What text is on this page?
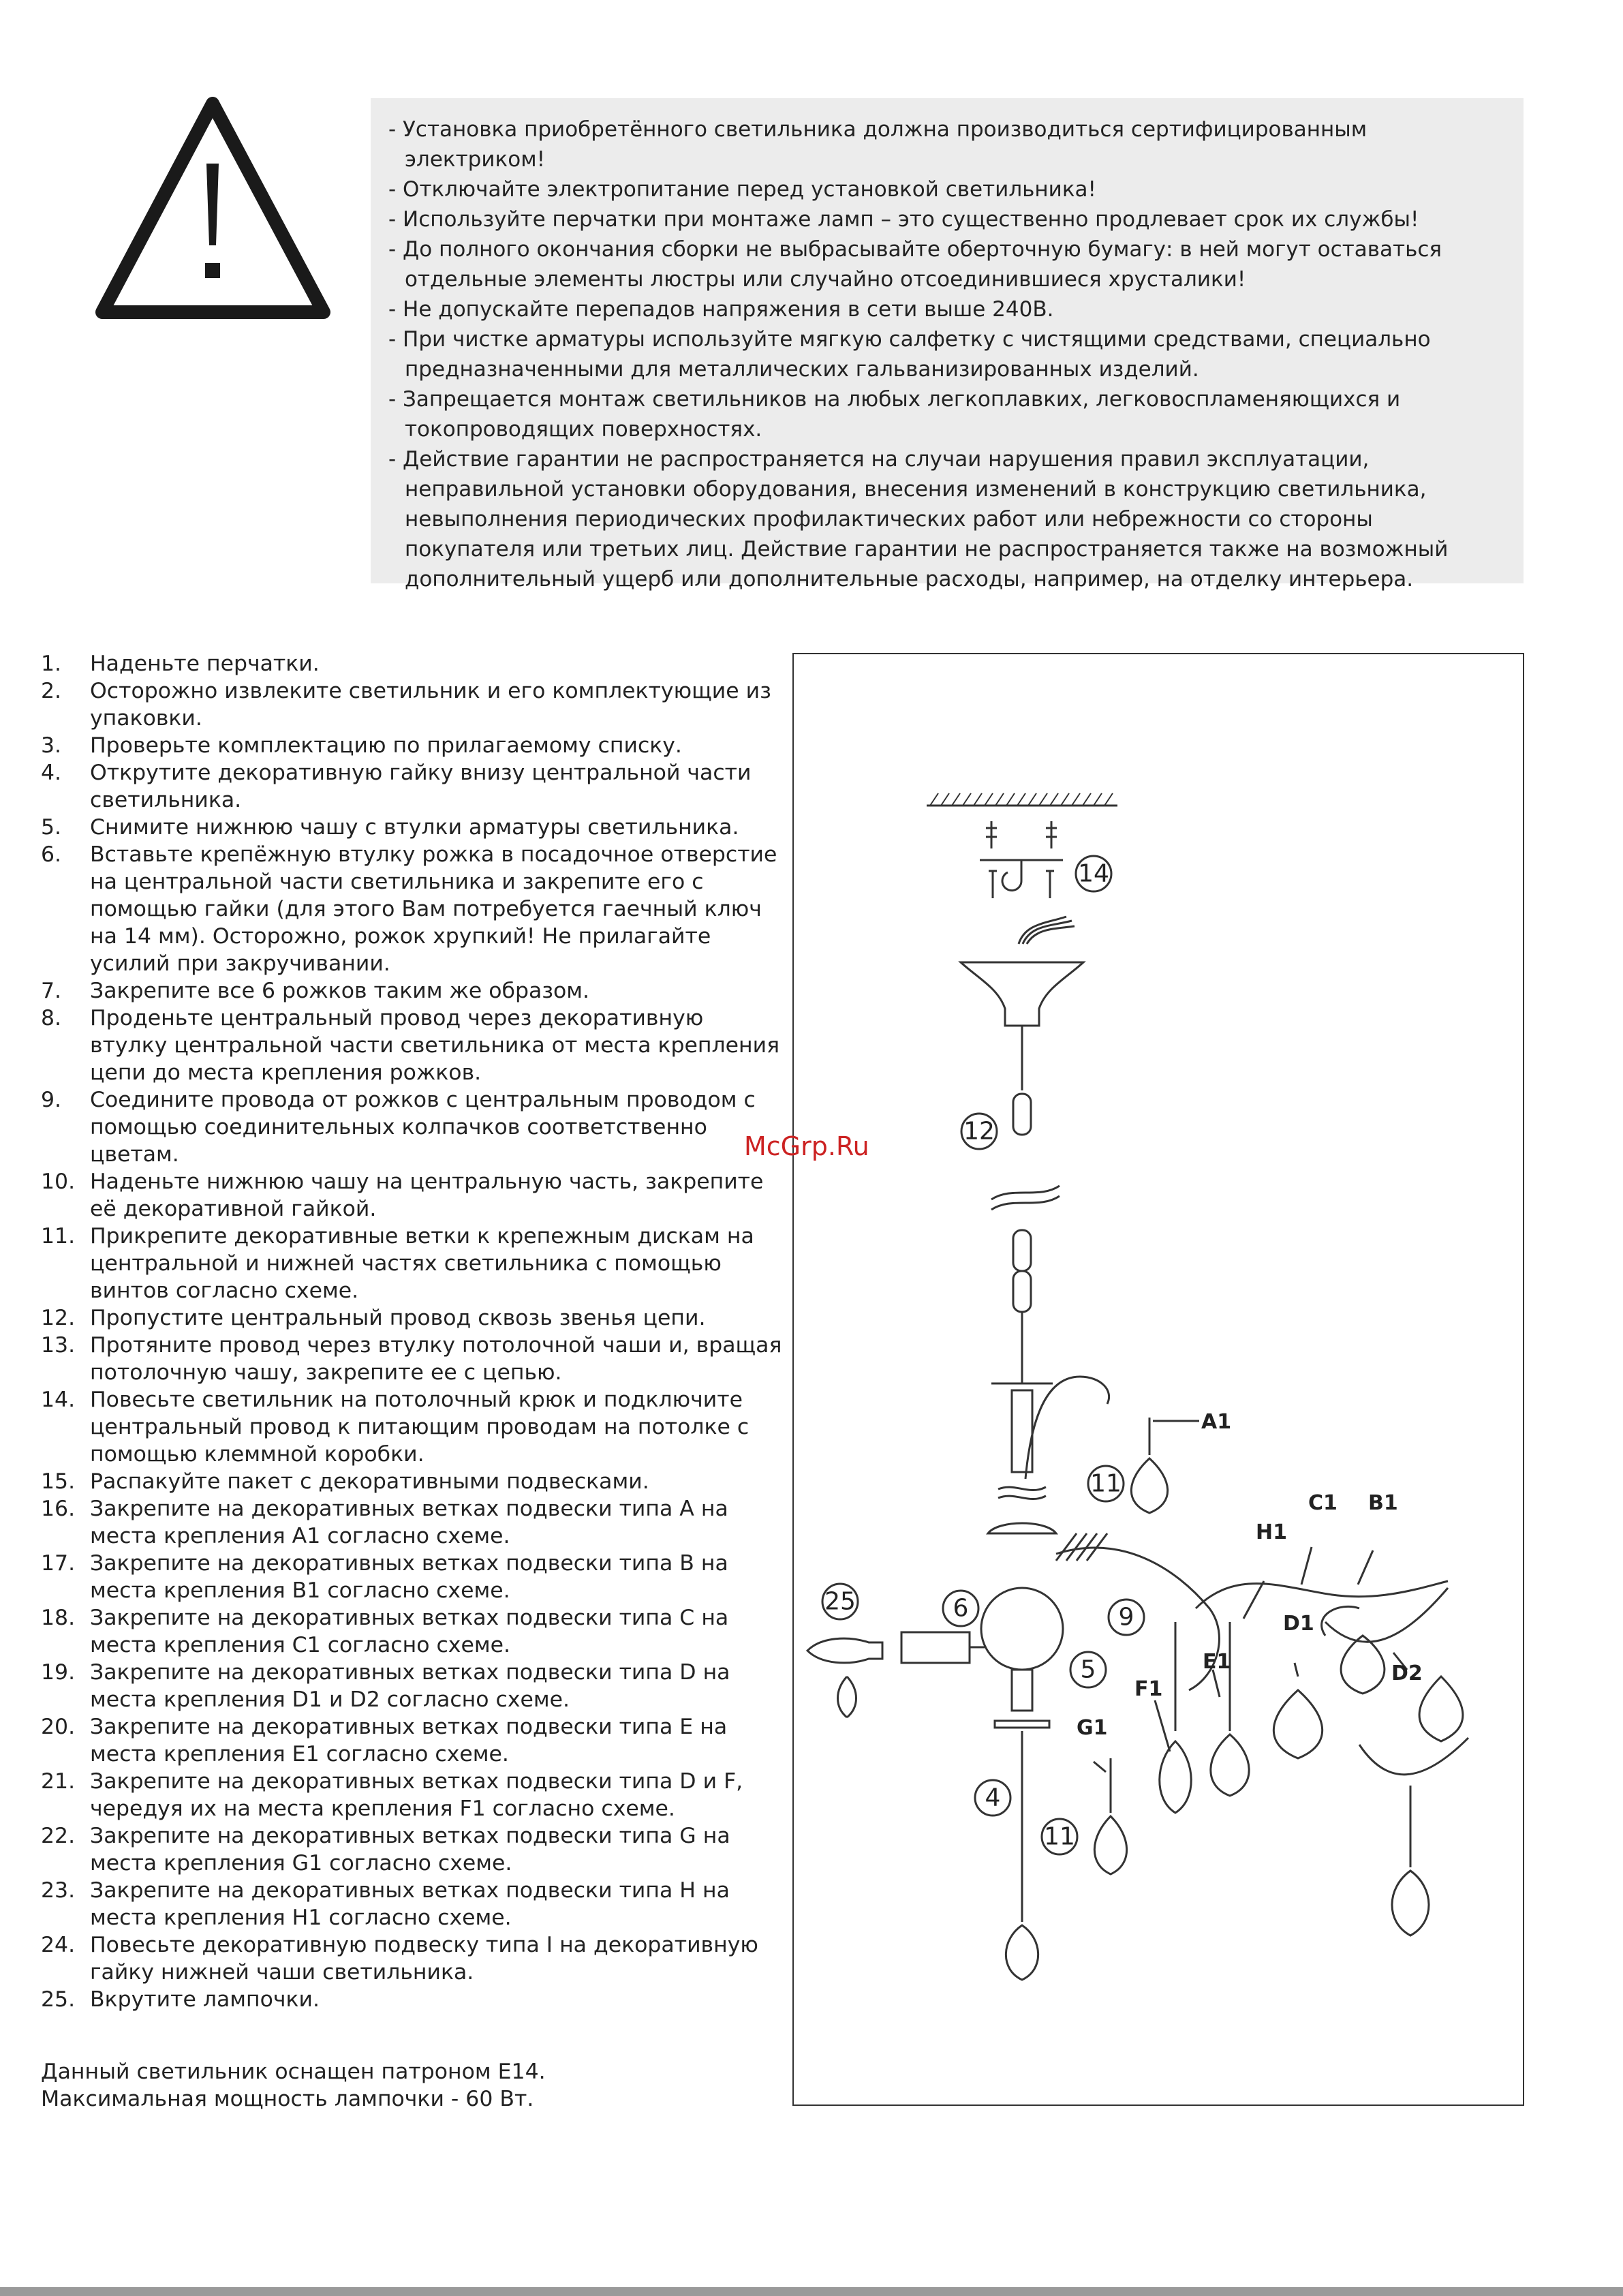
- Установка приобретённого светильника должна производиться сертифицированным электриком!
- Отключайте электропитание перед установкой светильника!
- Используйте перчатки при монтаже ламп – это существенно продлевает срок их службы!
- До полного окончания сборки не выбрасывайте оберточную бумагу: в ней могут оставаться отдельные элементы люстры или случайно отсоединившиеся хрусталики!
- Не допускайте перепадов напряжения в сети выше 240В.
- При чистке арматуры используйте мягкую салфетку с чистящими средствами, специально предназначенными для металлических гальванизированных изделий.
- Запрещается монтаж светильников на любых легкоплавких, легковоспламеняющихся и токопроводящих поверхностях.
- Действие гарантии не распространяется на случаи нарушения правил эксплуатации, неправильной установки оборудования, внесения изменений в конструкцию светильника, невыполнения периодических профилактических работ или небрежности со стороны покупателя или третьих лиц. Действие гарантии не распространяется также на возможный дополнительный ущерб или дополнительные расходы, например, на отделку интерьера.
1.	Наденьте перчатки.
2.	Осторожно извлеките светильник и его комплектующие из упаковки.
3.	Проверьте комплектацию по прилагаемому списку.
4.	Открутите декоративную гайку внизу центральной части светильника.
5.	Снимите нижнюю чашу с втулки арматуры светильника.
6.	Вставьте крепёжную втулку рожка в посадочное отверстие на центральной части светильника и закрепите его с помощью гайки (для этого Вам потребуется гаечный ключ на 14 мм). Осторожно, рожок хрупкий! Не прилагайте усилий при закручивании.
7.	Закрепите все 6 рожков таким же образом.
8.	Проденьте центральный провод через декоративную втулку центральной части светильника от места крепления цепи до места крепления рожков.
9.	Соедините провода от рожков с центральным проводом с помощью соединительных колпачков соответственно цветам.
10. Наденьте нижнюю чашу на центральную часть, закрепите её декоративной гайкой.
11. Прикрепите декоративные ветки к крепежным дискам на центральной и нижней частях светильника с помощью винтов согласно схеме.
12. Пропустите центральный провод сквозь звенья цепи.
13. Протяните провод через втулку потолочной чаши и, вращая потолочную чашу, закрепите ее с цепью.
14. Повесьте светильник на потолочный крюк и подключите центральный провод к питающим проводам на потолке с помощью клеммной коробки.
15. Распакуйте пакет с декоративными подвесками.
16. Закрепите на декоративных ветках подвески типа А на места крепления А1 согласно схеме.
17. Закрепите на декоративных ветках подвески типа В на места крепления В1 согласно схеме.
18. Закрепите на декоративных ветках подвески типа С на места крепления С1 согласно схеме.
19. Закрепите на декоративных ветках подвески типа D на места крепления D1 и D2 согласно схеме.
20. Закрепите на декоративных ветках подвески типа Е на места крепления Е1 согласно схеме.
21. Закрепите на декоративных ветках подвески типа D и F, чередуя их на места крепления F1 согласно схеме.
22. Закрепите на декоративных ветках подвески типа G на места крепления G1 согласно схеме.
23. Закрепите на декоративных ветках подвески типа Н на места крепления Н1 согласно схеме.
24. Повесьте декоративную подвеску типа I на декоративную гайку нижней чаши светильника.
25. Вкрутите лампочки.
Данный светильник оснащен патроном Е14.
Максимальная мощность лампочки - 60 Вт.
14
12
11
9
25	6
5
4
11
A1
H1
C1 B1
D1
D2
E1
F1
G1
McGrp.Ru
